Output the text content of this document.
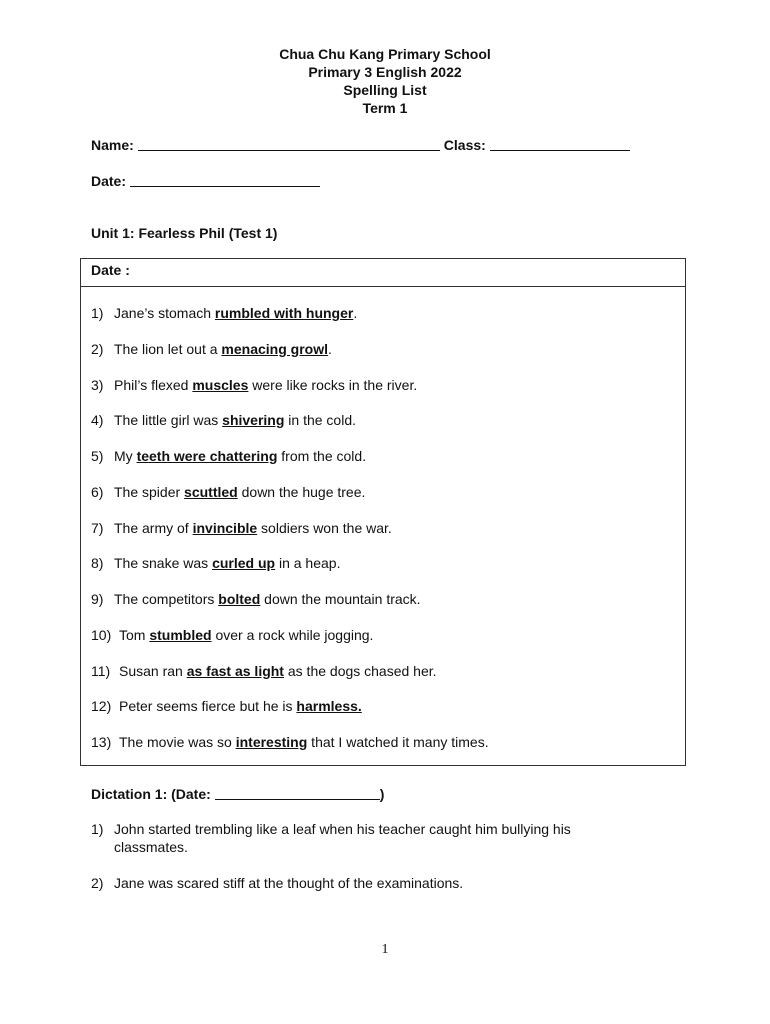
Chua Chu Kang Primary School
Primary 3 English 2022
Spelling List
Term 1
Name:	Class:
Date:
Unit 1: Fearless Phil (Test 1)
Date :
1) Jane’s stomach rumbled with hunger.
2) The lion let out a menacing growl.
3) Phil’s flexed muscles were like rocks in the river.
4) The little girl was shivering in the cold.
5) My teeth were chattering from the cold.
6) The spider scuttled down the huge tree.
7) The army of invincible soldiers won the war.
8) The snake was curled up in a heap.
9) The competitors bolted down the mountain track.
10) Tom stumbled over a rock while jogging.
11) Susan ran as fast as light as the dogs chased her.
12) Peter seems fierce but he is harmless.
13) The movie was so interesting that I watched it many times.
Dictation 1: (Date:	)
1) John started trembling like a leaf when his teacher caught him bullying his classmates.
2) Jane was scared stiff at the thought of the examinations.
1
